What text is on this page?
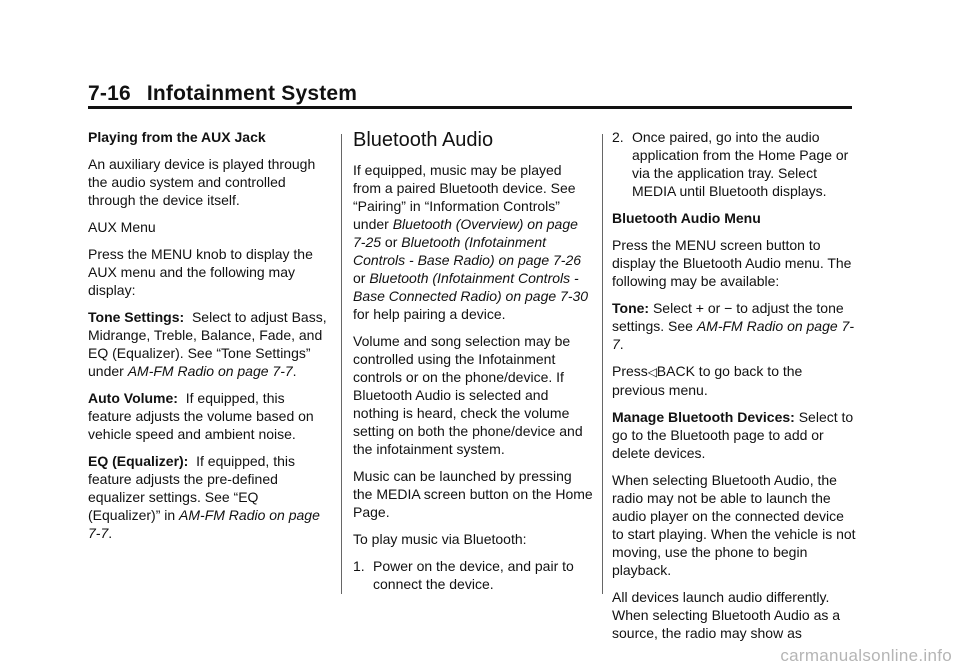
7-16 Infotainment System

Playing from the AUX Jack

An auxiliary device is played through the audio system and controlled through the device itself.

AUX Menu

Press the MENU knob to display the AUX menu and the following may display:

Tone Settings: Select to adjust Bass, Midrange, Treble, Balance, Fade, and EQ (Equalizer). See “Tone Settings” under AM-FM Radio on page 7-7.

Auto Volume: If equipped, this feature adjusts the volume based on vehicle speed and ambient noise.

EQ (Equalizer): If equipped, this feature adjusts the pre-defined equalizer settings. See “EQ (Equalizer)” in AM-FM Radio on page 7-7.

Bluetooth Audio

If equipped, music may be played from a paired Bluetooth device. See “Pairing” in “Information Controls” under Bluetooth (Overview) on page 7-25 or Bluetooth (Infotainment Controls - Base Radio) on page 7-26 or Bluetooth (Infotainment Controls - Base Connected Radio) on page 7-30 for help pairing a device.

Volume and song selection may be controlled using the Infotainment controls or on the phone/device. If Bluetooth Audio is selected and nothing is heard, check the volume setting on both the phone/device and the infotainment system.

Music can be launched by pressing the MEDIA screen button on the Home Page.

To play music via Bluetooth:

1. Power on the device, and pair to connect the device.
2. Once paired, go into the audio application from the Home Page or via the application tray. Select MEDIA until Bluetooth displays.

Bluetooth Audio Menu

Press the MENU screen button to display the Bluetooth Audio menu. The following may be available:

Tone: Select + or − to adjust the tone settings. See AM-FM Radio on page 7-7.

Press◁BACK to go back to the previous menu.

Manage Bluetooth Devices: Select to go to the Bluetooth page to add or delete devices.

When selecting Bluetooth Audio, the radio may not be able to launch the audio player on the connected device to start playing. When the vehicle is not moving, use the phone to begin playback.

All devices launch audio differently. When selecting Bluetooth Audio as a source, the radio may show as

carmanualsonline.info
